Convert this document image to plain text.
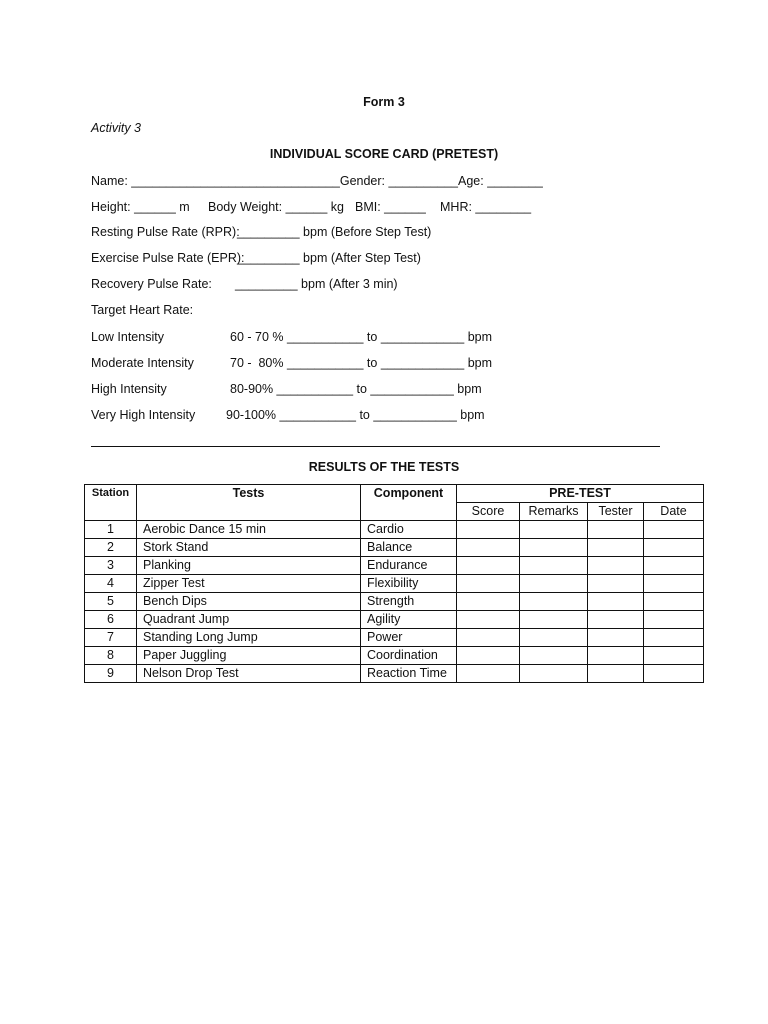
Form 3
Activity 3
INDIVIDUAL SCORE CARD (PRETEST)
Name: ______________________________Gender: __________Age: ________
Height: ______ m Body Weight: ______ kg BMI: ______ MHR: ________
Resting Pulse Rate (RPR):
_________ bpm (Before Step Test)
Exercise Pulse Rate (EPR):
_________ bpm (After Step Test)
Recovery Pulse Rate: _________ bpm (After 3 min)
Target Heart Rate:
Low Intensity	60 - 70 % ___________ to ____________ bpm
Moderate Intensity	70 -  80% ___________ to ____________ bpm
High Intensity	80-90% ___________ to ____________ bpm
Very High Intensity 90-100% ___________ to ____________ bpm
RESULTS OF THE TESTS
Station	Tests	Component	PRE-TEST			
			Score	Remarks	Tester	Date
1	Aerobic Dance 15 min	Cardio				
2	Stork Stand	Balance				
3	Planking	Endurance				
4	Zipper Test	Flexibility				
5	Bench Dips	Strength				
6	Quadrant Jump	Agility				
7	Standing Long Jump	Power				
8	Paper Juggling	Coordination				
9	Nelson Drop Test	Reaction Time				
